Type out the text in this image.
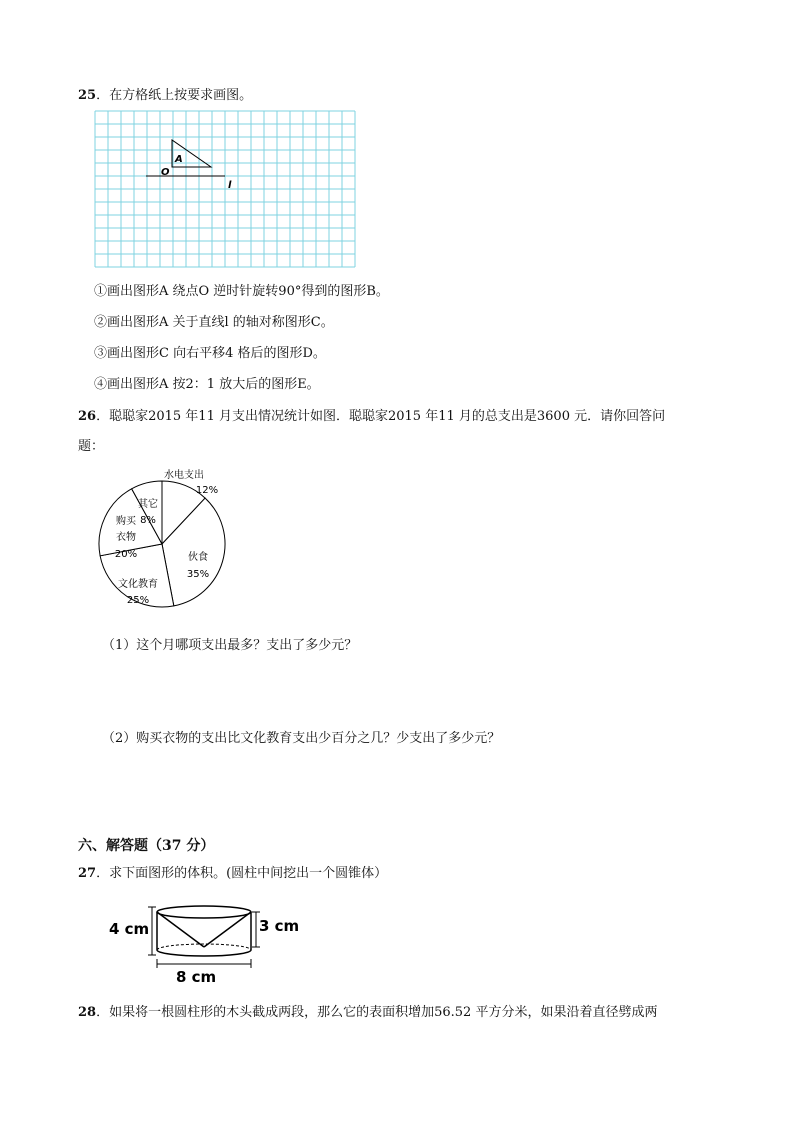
25．在方格纸上按要求画图。
A
O
l
①画出图形A 绕点O 逆时针旋转90°得到的图形B。
②画出图形A 关于直线l 的轴对称图形C。
③画出图形C 向右平移4 格后的图形D。
④画出图形A 按2：1 放大后的图形E。
26．聪聪家2015 年11 月支出情况统计如图．聪聪家2015 年11 月的总支出是3600 元．请你回答问
题：
水电支出
12%
伙食
35%
文化教育
25%
购买
衣物
20%
其它
8%
（1）这个月哪项支出最多？支出了多少元？
（2）购买衣物的支出比文化教育支出少百分之几？少支出了多少元？
六、解答题（37 分）
27．求下面图形的体积。(圆柱中间挖出一个圆锥体）
4 cm	3 cm
8 cm
28．如果将一根圆柱形的木头截成两段，那么它的表面积增加56.52 平方分米，如果沿着直径劈成两
